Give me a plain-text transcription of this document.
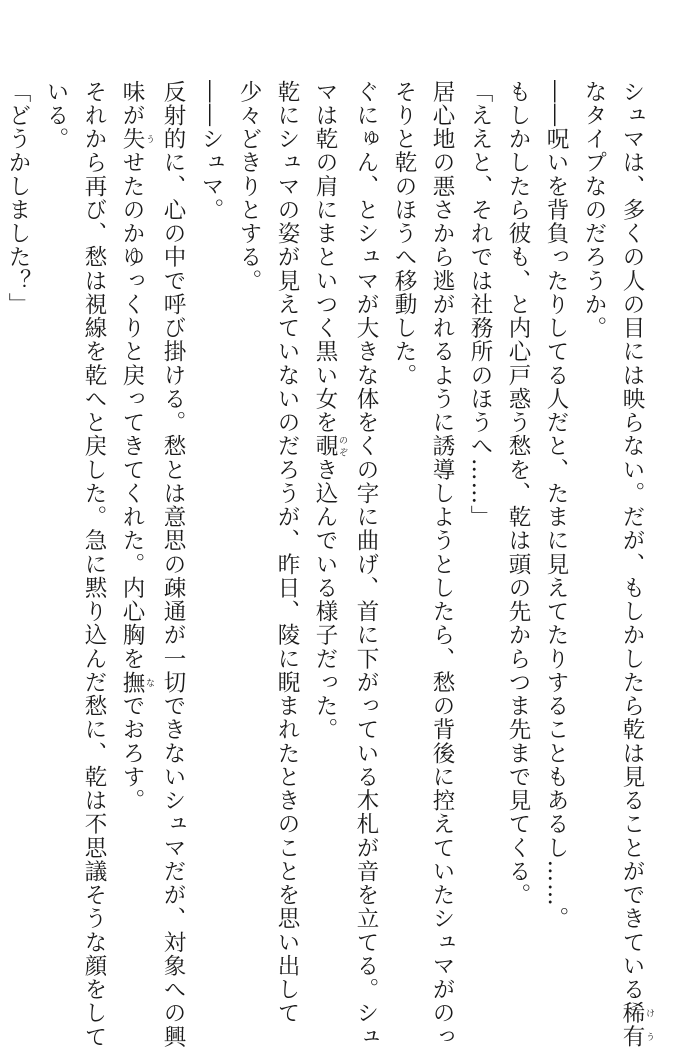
シュマは、多くの人の目には映らない。だが、もしかしたら乾は見ることができている稀有 けう

なタイプなのだろうか。

――呪いを背負ったりしてる人だと、たまに見えてたりすることもあるし……。

もしかしたら彼も、と内心戸惑う愁を、乾は頭の先からつま先まで見てくる。

「ええと、それでは社務所のほうへ……」

居心地の悪さから逃がれるように誘導しようとしたら、愁の背後に控えていたシュマがのっ

そりと乾のほうへ移動した。

ぐにゅん、とシュマが大きな体をくの字に曲げ、首に下がっている木札が音を立てる。シュ

マは乾の肩にまといつく黒い女を覗 のぞき込んでいる様子だった。

乾にシュマの姿が見えていないのだろうが、昨日、陵に睨まれたときのことを思い出して

少々どきりとする。

――シュマ。

反射的に、心の中で呼び掛ける。愁とは意思の疎通が一切できないシュマだが、対象への興

味が失 うせたのかゆっくりと戻ってきてくれた。内心胸を撫 なでおろす。

それから再び、愁は視線を乾へと戻した。急に黙り込んだ愁に、乾は不思議そうな顔をして

いる。

「どうかしました？」
